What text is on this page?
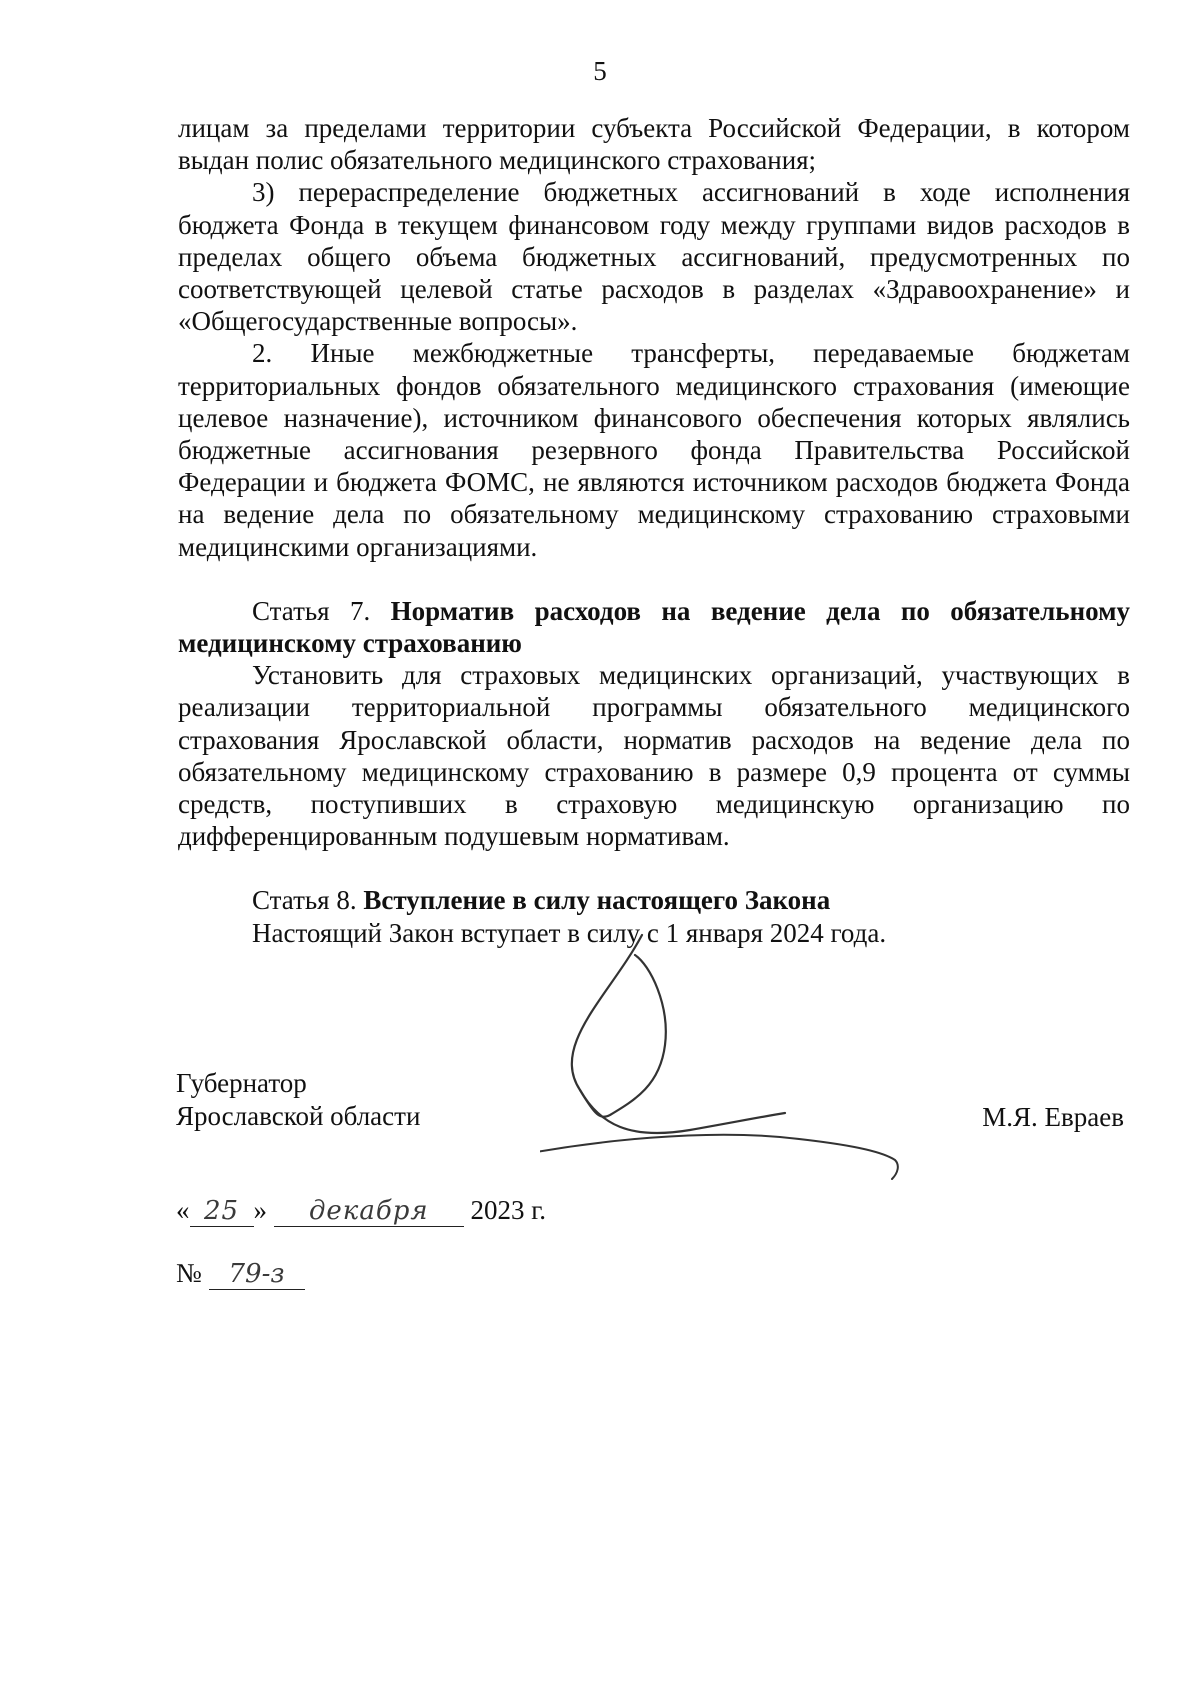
5

лицам за пределами территории субъекта Российской Федерации, в котором выдан полис обязательного медицинского страхования;

3) перераспределение бюджетных ассигнований в ходе исполнения бюджета Фонда в текущем финансовом году между группами видов расходов в пределах общего объема бюджетных ассигнований, предусмотренных по соответствующей целевой статье расходов в разделах «Здравоохранение» и «Общегосударственные вопросы».

2. Иные межбюджетные трансферты, передаваемые бюджетам территориальных фондов обязательного медицинского страхования (имеющие целевое назначение), источником финансового обеспечения которых являлись бюджетные ассигнования резервного фонда Правительства Российской Федерации и бюджета ФОМС, не являются источником расходов бюджета Фонда на ведение дела по обязательному медицинскому страхованию страховыми медицинскими организациями.

Статья 7. Норматив расходов на ведение дела по обязательному медицинскому страхованию

Установить для страховых медицинских организаций, участвующих в реализации территориальной программы обязательного медицинского страхования Ярославской области, норматив расходов на ведение дела по обязательному медицинскому страхованию в размере 0,9 процента от суммы средств, поступивших в страховую медицинскую организацию по дифференцированным подушевым нормативам.

Статья 8. Вступление в силу настоящего Закона

Настоящий Закон вступает в силу с 1 января 2024 года.

Губернатор
Ярославской области	М.Я. Евраев
« 25 » декабря 2023 г.
№ 79-з
